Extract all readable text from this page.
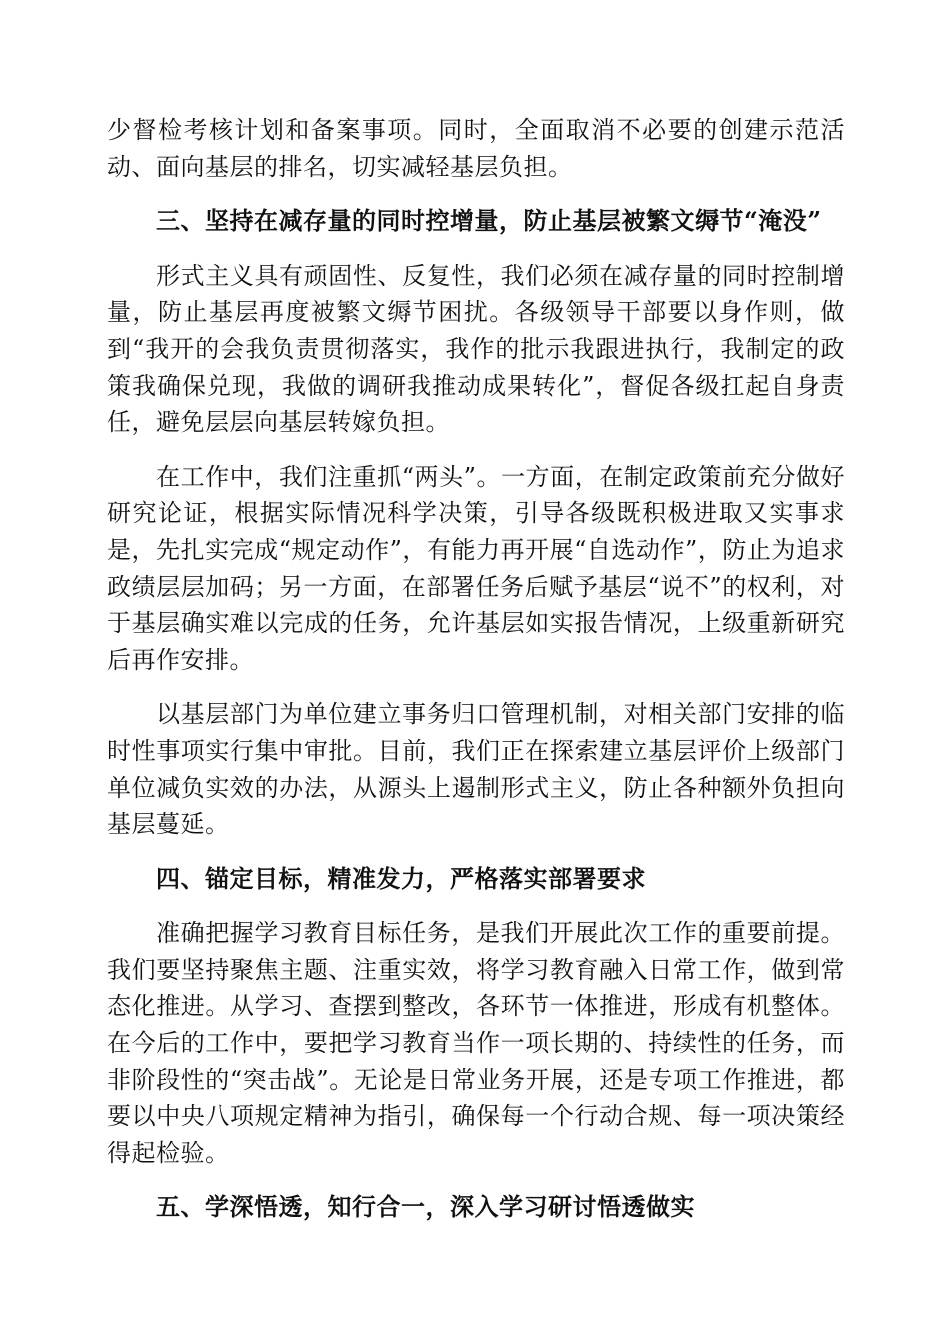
少督检考核计划和备案事项。同时，全面取消不必要的创建示范活动、面向基层的排名，切实减轻基层负担。

三、坚持在减存量的同时控增量，防止基层被繁文缛节“淹没”

形式主义具有顽固性、反复性，我们必须在减存量的同时控制增量，防止基层再度被繁文缛节困扰。各级领导干部要以身作则，做到“我开的会我负责贯彻落实，我作的批示我跟进执行，我制定的政策我确保兑现，我做的调研我推动成果转化”，督促各级扛起自身责任，避免层层向基层转嫁负担。

在工作中，我们注重抓“两头”。一方面，在制定政策前充分做好研究论证，根据实际情况科学决策，引导各级既积极进取又实事求是，先扎实完成“规定动作”，有能力再开展“自选动作”，防止为追求政绩层层加码；另一方面，在部署任务后赋予基层“说不”的权利，对于基层确实难以完成的任务，允许基层如实报告情况，上级重新研究后再作安排。

以基层部门为单位建立事务归口管理机制，对相关部门安排的临时性事项实行集中审批。目前，我们正在探索建立基层评价上级部门单位减负实效的办法，从源头上遏制形式主义，防止各种额外负担向基层蔓延。

四、锚定目标，精准发力，严格落实部署要求

准确把握学习教育目标任务，是我们开展此次工作的重要前提。我们要坚持聚焦主题、注重实效，将学习教育融入日常工作，做到常态化推进。从学习、查摆到整改，各环节一体推进，形成有机整体。在今后的工作中，要把学习教育当作一项长期的、持续性的任务，而非阶段性的“突击战”。无论是日常业务开展，还是专项工作推进，都要以中央八项规定精神为指引，确保每一个行动合规、每一项决策经得起检验。

五、学深悟透，知行合一，深入学习研讨悟透做实
